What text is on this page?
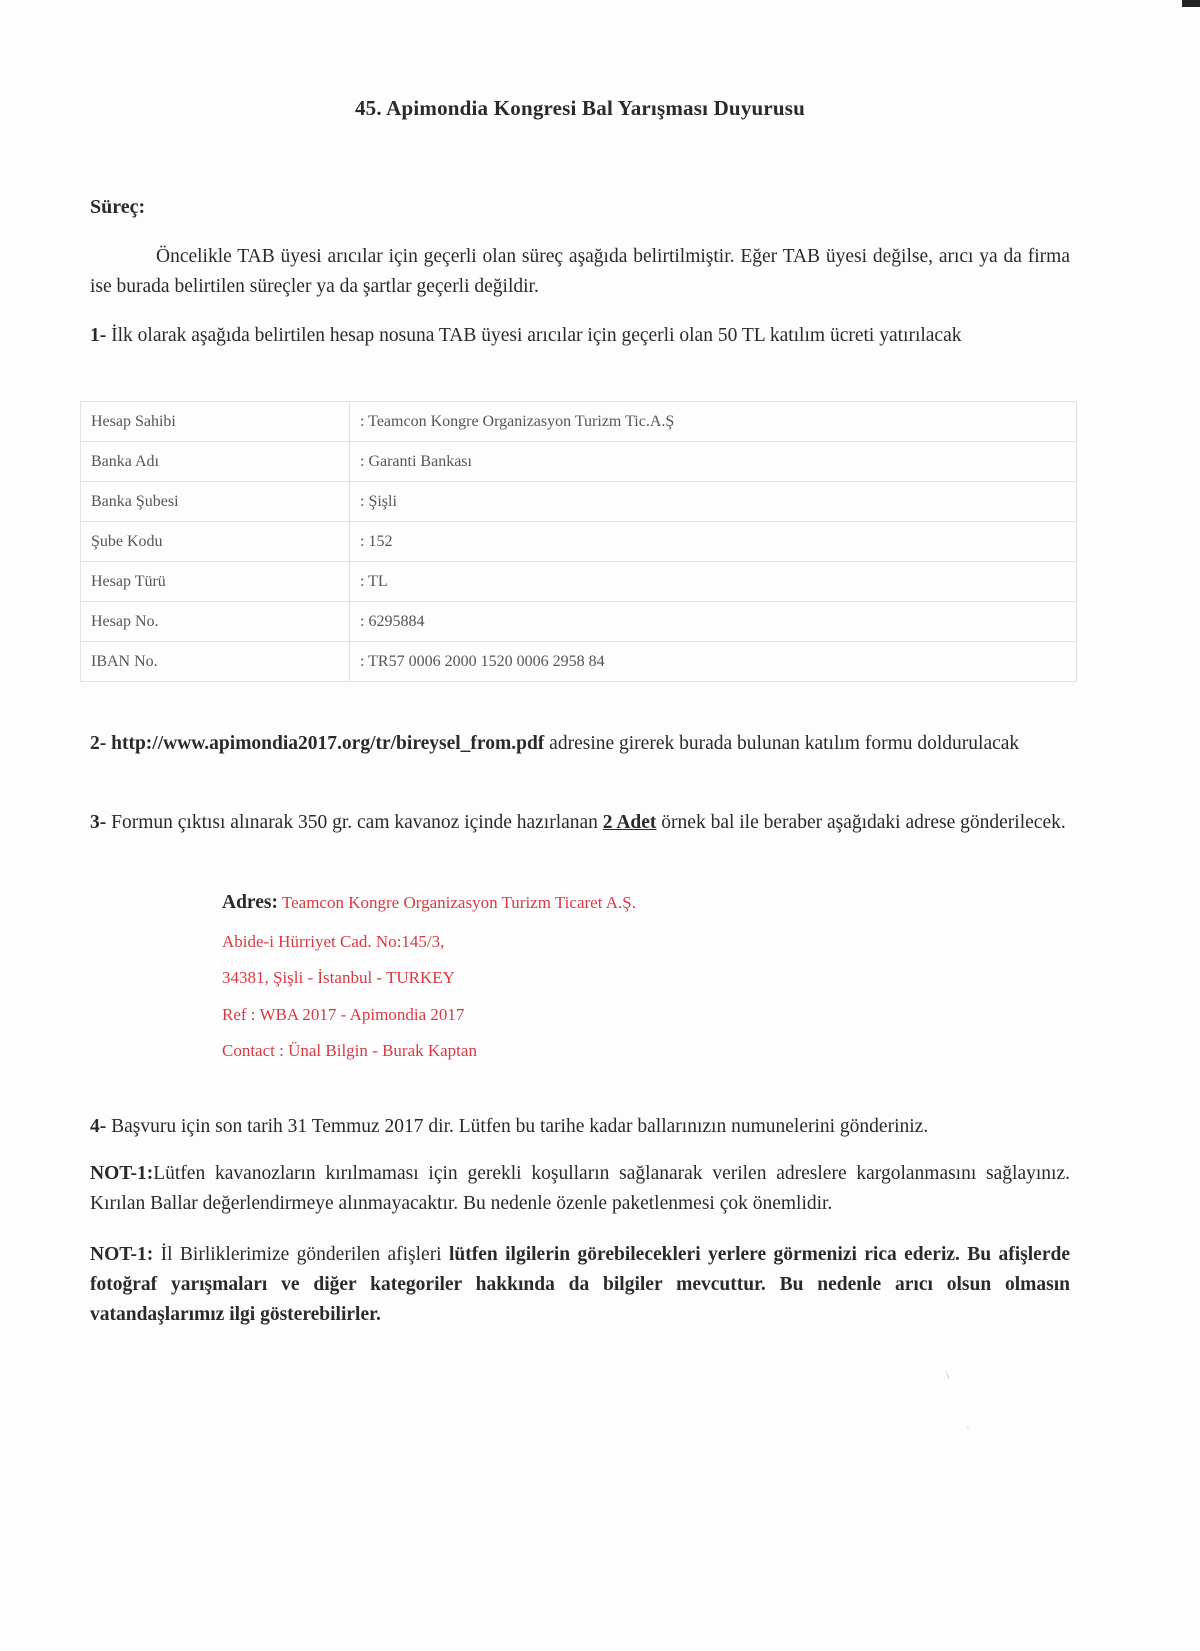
45. Apimondia Kongresi Bal Yarışması Duyurusu
Süreç:
Öncelikle TAB üyesi arıcılar için geçerli olan süreç aşağıda belirtilmiştir. Eğer TAB üyesi değilse, arıcı ya da firma ise burada belirtilen süreçler ya da şartlar geçerli değildir.
1- İlk olarak aşağıda belirtilen hesap nosuna TAB üyesi arıcılar için geçerli olan 50 TL katılım ücreti yatırılacak
Hesap Sahibi	: Teamcon Kongre Organizasyon Turizm Tic.A.Ş
Banka Adı	: Garanti Bankası
Banka Şubesi	: Şişli
Şube Kodu	: 152
Hesap Türü	: TL
Hesap No.	: 6295884
IBAN No.	: TR57 0006 2000 1520 0006 2958 84
2- http://www.apimondia2017.org/tr/bireysel_from.pdf adresine girerek burada bulunan katılım formu doldurulacak
3- Formun çıktısı alınarak 350 gr. cam kavanoz içinde hazırlanan 2 Adet örnek bal ile beraber aşağıdaki adrese gönderilecek.
Adres: Teamcon Kongre Organizasyon Turizm Ticaret A.Ş.
Abide-i Hürriyet Cad. No:145/3,
34381, Şişli - İstanbul - TURKEY
Ref : WBA 2017 - Apimondia 2017
Contact : Ünal Bilgin - Burak Kaptan
4- Başvuru için son tarih 31 Temmuz 2017 dir. Lütfen bu tarihe kadar ballarınızın numunelerini gönderiniz.
NOT-1:Lütfen kavanozların kırılmaması için gerekli koşulların sağlanarak verilen adreslere kargolanmasını sağlayınız. Kırılan Ballar değerlendirmeye alınmayacaktır. Bu nedenle özenle paketlenmesi çok önemlidir.
NOT-1: İl Birliklerimize gönderilen afişleri lütfen ilgilerin görebilecekleri yerlere görmenizi rica ederiz. Bu afişlerde fotoğraf yarışmaları ve diğer kategoriler hakkında da bilgiler mevcuttur. Bu nedenle arıcı olsun olmasın vatandaşlarımız ilgi gösterebilirler.
\
·
